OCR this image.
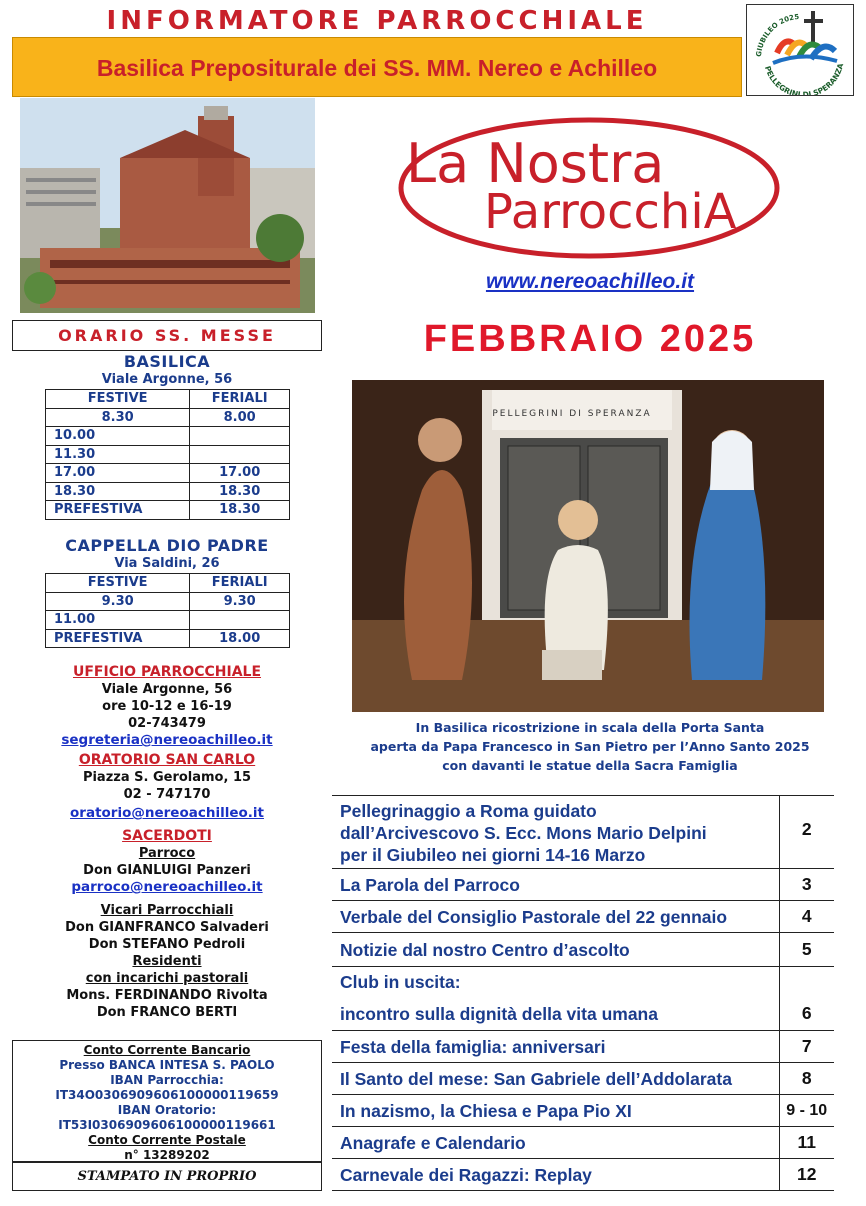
INFORMATORE PARROCCHIALE
Basilica Prepositurale dei SS. MM. Nereo e Achilleo
GIUBILEO 2025
PELLEGRINI DI SPERANZA
La Nostra
ParrocchiA
www.nereoachilleo.it
FEBBRAIO 2025
PELLEGRINI DI SPERANZA
In Basilica ricostrizione in scala della Porta Santa
aperta da Papa Francesco in San Pietro per l’Anno Santo 2025
con davanti le statue della Sacra Famiglia
ORARIO SS. MESSE
BASILICA
Viale Argonne, 56
FESTIVE	FERIALI
8.30	8.00
10.00	
11.30	
17.00	17.00
18.30	18.30
PREFESTIVA	18.30
CAPPELLA DIO PADRE
Via Saldini, 26
FESTIVE	FERIALI
9.30	9.30
11.00	
PREFESTIVA	18.00
UFFICIO PARROCCHIALE
Viale Argonne, 56
ore 10-12 e 16-19
02-743479
segreteria@nereoachilleo.it
ORATORIO SAN CARLO
Piazza S. Gerolamo, 15
02 - 747170
oratorio@nereoachilleo.it
SACERDOTI
Parroco
Don GIANLUIGI Panzeri
parroco@nereoachilleo.it
Vicari Parrocchiali
Don GIANFRANCO Salvaderi
Don STEFANO Pedroli
Residenti
con incarichi pastorali
Mons. FERDINANDO Rivolta
Don FRANCO BERTI
Conto Corrente Bancario
Presso BANCA INTESA S. PAOLO
IBAN Parrocchia:
IT34O0306909606100000119659
IBAN Oratorio:
IT53I0306909606100000119661
Conto Corrente Postale
n° 13289202
STAMPATO IN PROPRIO
Pellegrinaggio a Roma guidato
dall’Arcivescovo S. Ecc. Mons Mario Delpini
per il Giubileo nei giorni 14-16 Marzo	2
La Parola del Parroco	3
Verbale del Consiglio Pastorale del 22 gennaio	4
Notizie dal nostro Centro d’ascolto	5

Club in uscita:
incontro sulla dignità della vita umana	6
Festa della famiglia: anniversari	7
Il Santo del mese: San Gabriele dell’Addolarata	8
In nazismo, la Chiesa e Papa Pio XI	9 - 10
Anagrafe e Calendario	11
Carnevale dei Ragazzi: Replay	12
